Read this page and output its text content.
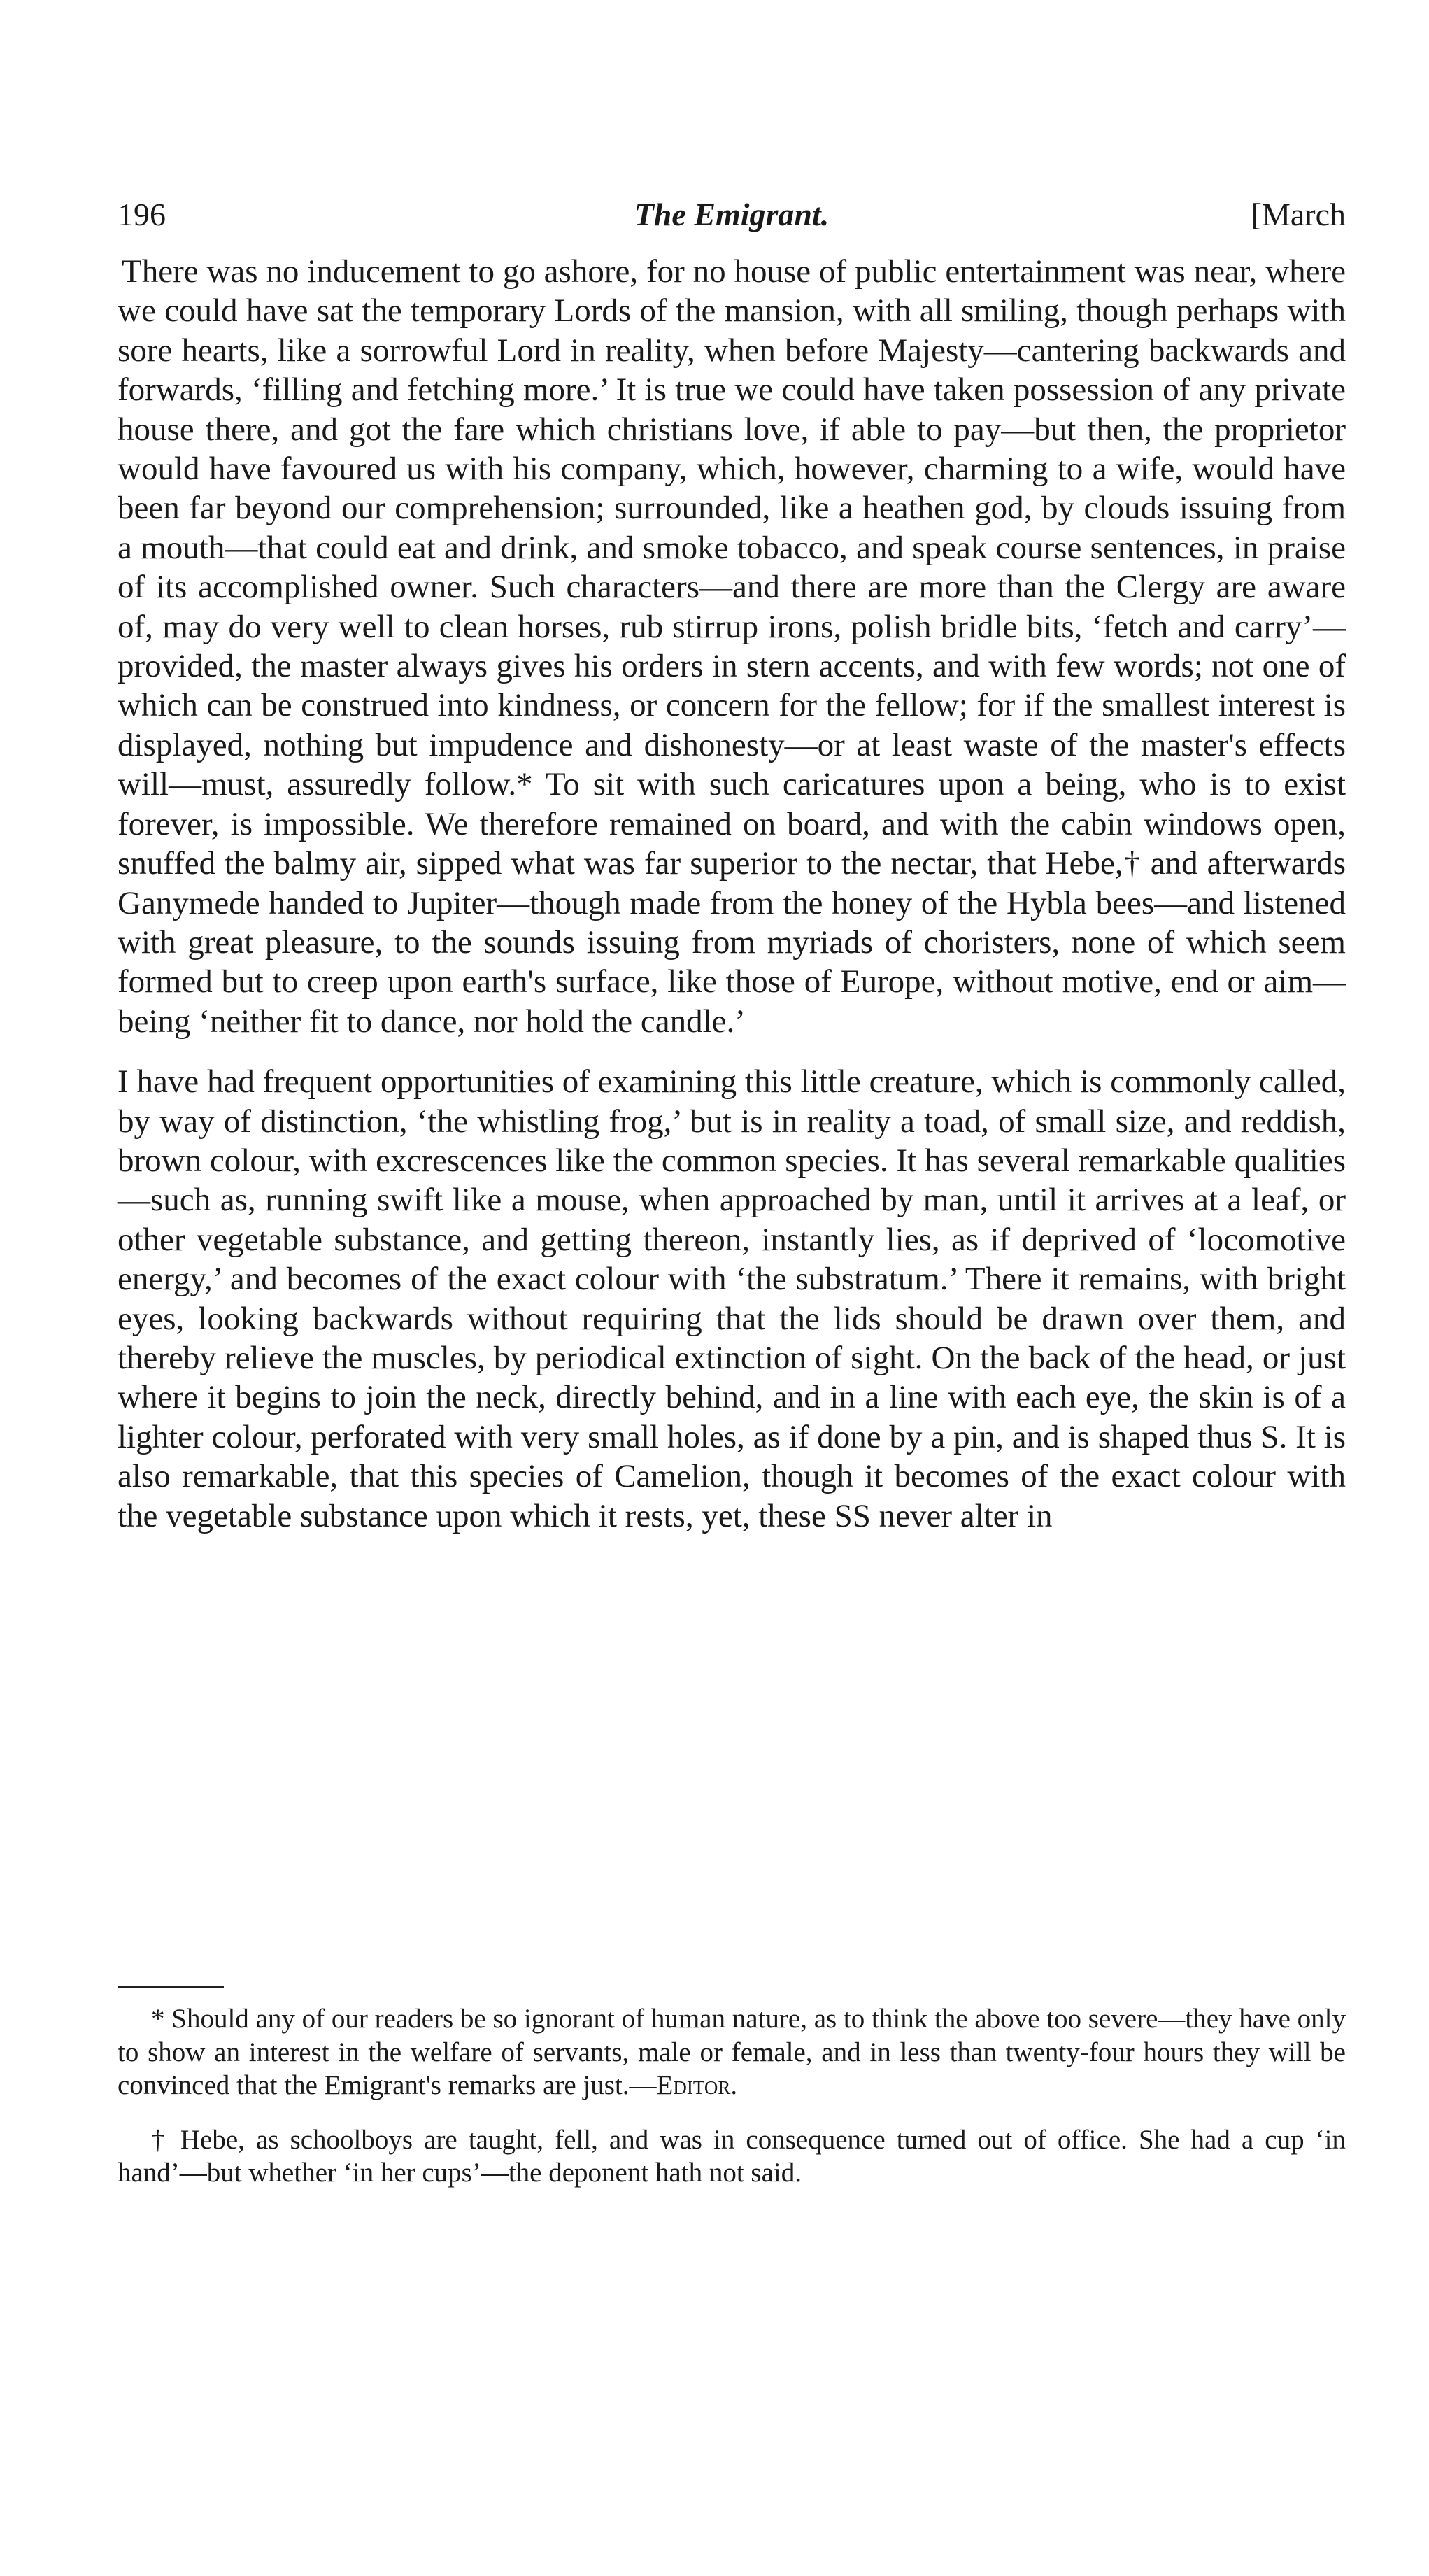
196	The Emigrant.	[March

There was no inducement to go ashore, for no house of public entertainment was near, where we could have sat the temporary Lords of the mansion, with all smiling, though perhaps with sore hearts, like a sorrowful Lord in reality, when before Majesty—cantering backwards and forwards, ‘filling and fetching more.’ It is true we could have taken possession of any private house there, and got the fare which christians love, if able to pay—but then, the proprietor would have favoured us with his company, which, however, charming to a wife, would have been far beyond our comprehension; surrounded, like a heathen god, by clouds issuing from a mouth—that could eat and drink, and smoke tobacco, and speak course sentences, in praise of its accomplished owner. Such characters—and there are more than the Clergy are aware of, may do very well to clean horses, rub stirrup irons, polish bridle bits, ‘fetch and carry’—provided, the master always gives his orders in stern accents, and with few words; not one of which can be construed into kindness, or concern for the fellow; for if the smallest interest is displayed, nothing but impudence and dishonesty—or at least waste of the master's effects will—must, assuredly follow.* To sit with such caricatures upon a being, who is to exist forever, is impossible. We therefore remained on board, and with the cabin windows open, snuffed the balmy air, sipped what was far superior to the nectar, that Hebe,† and afterwards Ganymede handed to Jupiter—though made from the honey of the Hybla bees—and listened with great pleasure, to the sounds issuing from myriads of choristers, none of which seem formed but to creep upon earth's surface, like those of Europe, without motive, end or aim—being ‘neither fit to dance, nor hold the candle.’

I have had frequent opportunities of examining this little creature, which is commonly called, by way of distinction, ‘the whistling frog,’ but is in reality a toad, of small size, and reddish, brown colour, with excrescences like the common species. It has several remarkable qualities—such as, running swift like a mouse, when approached by man, until it arrives at a leaf, or other vegetable substance, and getting thereon, instantly lies, as if deprived of ‘locomotive energy,’ and becomes of the exact colour with ‘the substratum.’ There it remains, with bright eyes, looking backwards without requiring that the lids should be drawn over them, and thereby relieve the muscles, by periodical extinction of sight. On the back of the head, or just where it begins to join the neck, directly behind, and in a line with each eye, the skin is of a lighter colour, perforated with very small holes, as if done by a pin, and is shaped thus S. It is also remarkable, that this species of Camelion, though it becomes of the exact colour with the vegetable substance upon which it rests, yet, these SS never alter in

* Should any of our readers be so ignorant of human nature, as to think the above too severe—they have only to show an interest in the welfare of servants, male or female, and in less than twenty-four hours they will be convinced that the Emigrant's remarks are just.—Editor.

† Hebe, as schoolboys are taught, fell, and was in consequence turned out of office. She had a cup ‘in hand’—but whether ‘in her cups’—the deponent hath not said.
